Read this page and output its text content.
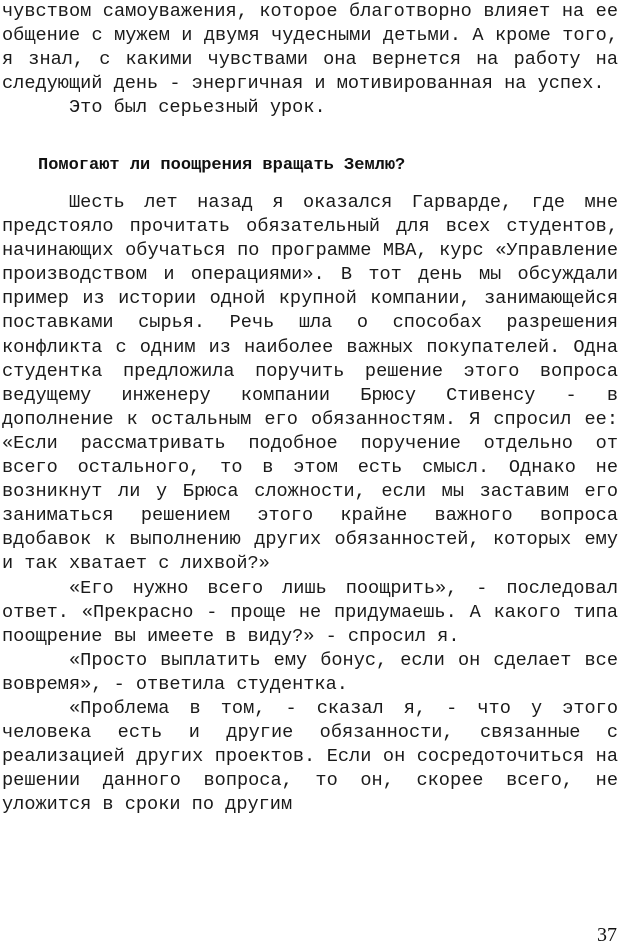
чувством самоуважения, которое благотворно влияет на ее общение с мужем и двумя чудесными детьми. А кроме того, я знал, с какими чувствами она вернется на работу на следующий день - энергичная и мотивированная на успех.

Это был серьезный урок.

Помогают ли поощрения вращать Землю?

Шесть лет назад я оказался Гарварде, где мне предстояло прочитать обязательный для всех студентов, начинающих обучаться по программе MBA, курс «Управление производством и операциями». В тот день мы обсуждали пример из истории одной крупной компании, занимающейся поставками сырья. Речь шла о способах разрешения конфликта с одним из наиболее важных покупателей. Одна студентка предложила поручить решение этого вопроса ведущему инженеру компании Брюсу Стивенсу - в дополнение к остальным его обязанностям. Я спросил ее: «Если рассматривать подобное поручение отдельно от всего остального, то в этом есть смысл. Однако не возникнут ли у Брюса сложности, если мы заставим его заниматься решением этого крайне важного вопроса вдобавок к выполнению других обязанностей, которых ему и так хватает с лихвой?»

«Его нужно всего лишь поощрить», - последовал ответ. «Прекрасно - проще не придумаешь. А какого типа поощрение вы имеете в виду?» - спросил я.

«Просто выплатить ему бонус, если он сделает все вовремя», - ответила студентка.

«Проблема в том, - сказал я, - что у этого человека есть и другие обязанности, связанные с реализацией других проектов. Если он сосредоточиться на решении данного вопроса, то он, скорее всего, не уложится в сроки по другим

37
